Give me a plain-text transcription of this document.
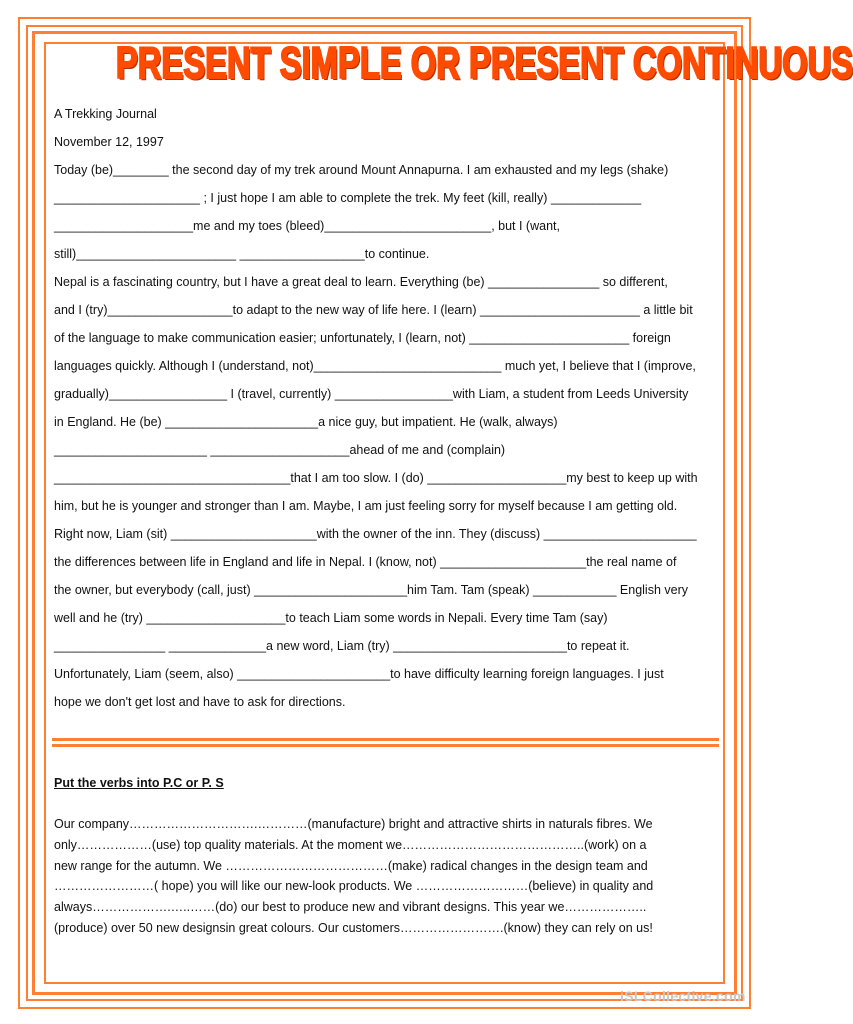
PRESENT SIMPLE OR PRESENT CONTINUOUS
A Trekking Journal
November 12, 1997
Today (be)________ the second day of my trek around Mount Annapurna. I am exhausted and my legs (shake)
_____________________ ; I just hope I am able to complete the trek. My feet (kill, really) _____________
____________________me and my toes (bleed)________________________, but I (want,
still)_______________________ __________________to continue.
Nepal is a fascinating country, but I have a great deal to learn. Everything (be) ________________ so different,
and I (try)__________________to adapt to the new way of life here. I (learn) _______________________ a little bit
of the language to make communication easier; unfortunately, I (learn, not) _______________________ foreign
languages quickly. Although I (understand, not)___________________________ much yet, I believe that I (improve,
gradually)_________________ I (travel, currently) _________________with Liam, a student from Leeds University
in England. He (be) ______________________a nice guy, but impatient. He (walk, always)
______________________ ____________________ahead of me and (complain)
__________________________________that I am too slow. I (do) ____________________my best to keep up with
him, but he is younger and stronger than I am. Maybe, I am just feeling sorry for myself because I am getting old.
Right now, Liam (sit) _____________________with the owner of the inn. They (discuss) ______________________
the differences between life in England and life in Nepal. I (know, not) _____________________the real name of
the owner, but everybody (call, just) ______________________him Tam. Tam (speak) ____________ English very
well and he (try) ____________________to teach Liam some words in Nepali. Every time Tam (say)
________________ ______________a new word, Liam (try) _________________________to repeat it.
Unfortunately, Liam (seem, also) ______________________to have difficulty learning foreign languages. I just
hope we don't get lost and have to ask for directions.
Put the verbs into P.C or P. S
Our company………………………….…………(manufacture) bright and attractive shirts in naturals fibres. We
only………………(use) top quality materials. At the moment we……………………………………..(work) on a
new range for the autumn. We …………………………………(make) radical changes in the design team and
……………………( hope) you will like our new-look products. We ………………………(believe) in quality and
always……………….…..……(do) our best to produce new and vibrant designs. This year we………………..
(produce) over 50 new designsin great colours. Our customers…………………….(know) they can rely on us!
iSLCollective.com
